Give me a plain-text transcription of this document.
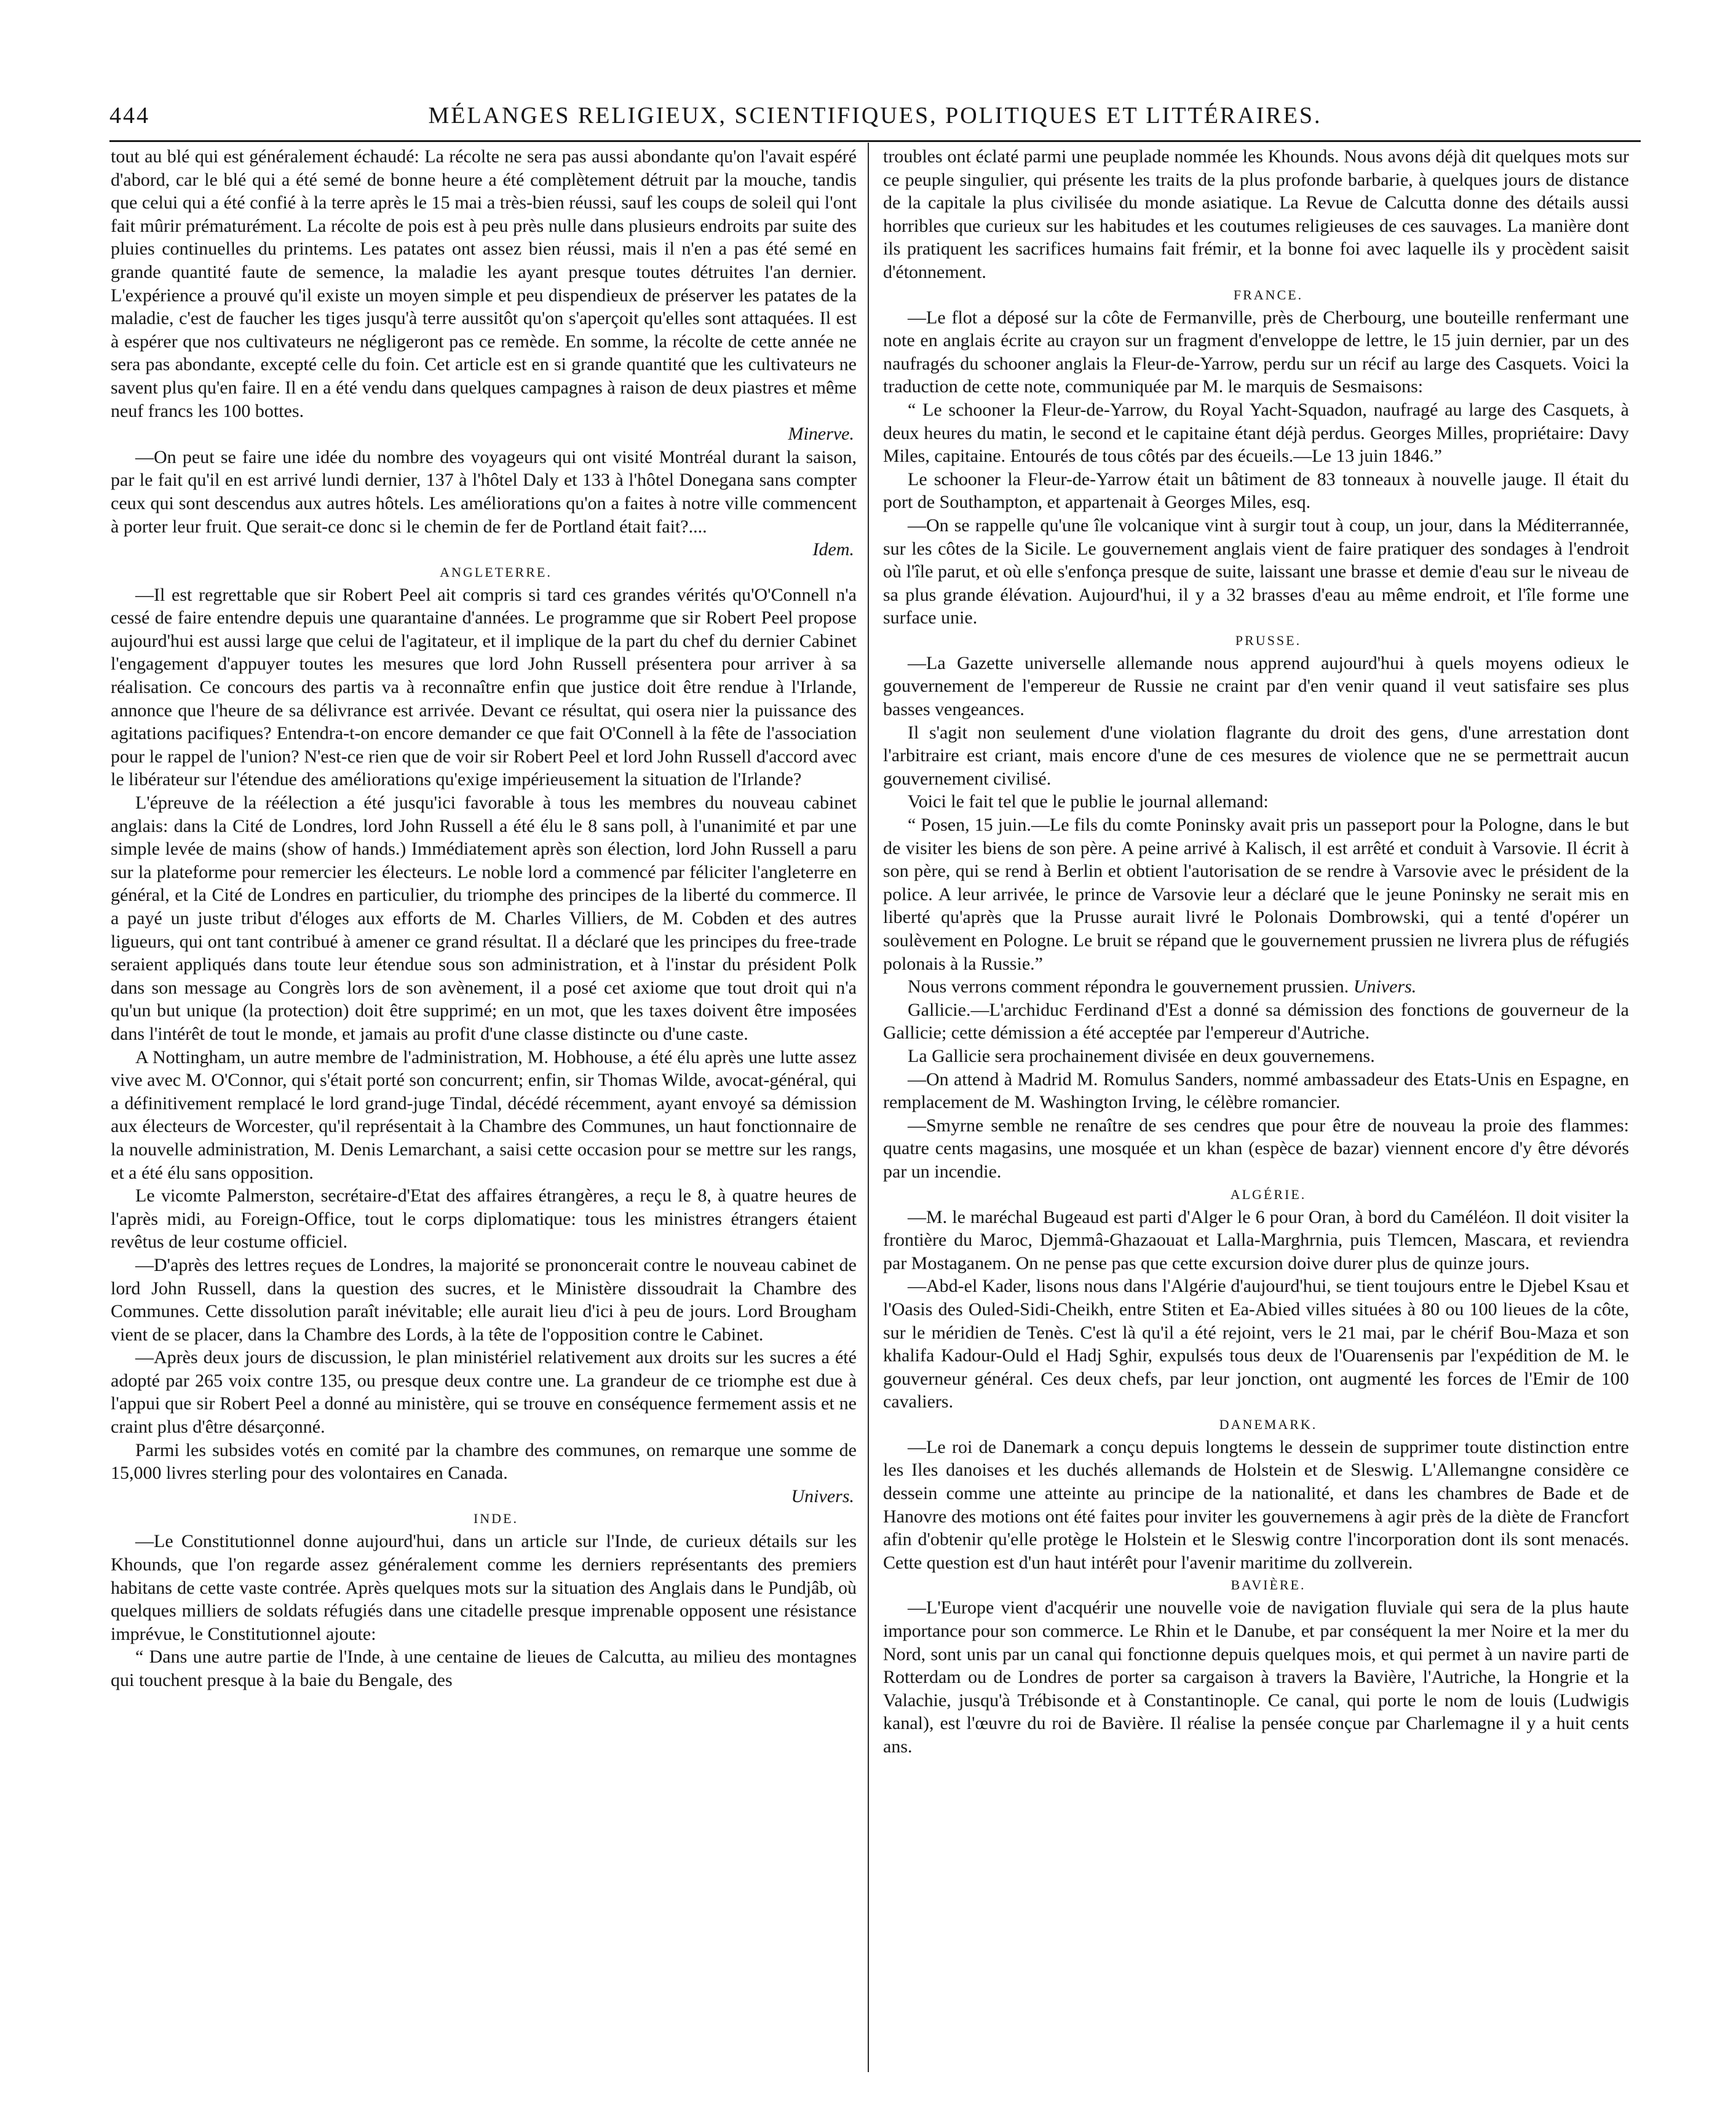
444	MÉLANGES RELIGIEUX, SCIENTIFIQUES, POLITIQUES ET LITTÉRAIRES.

tout au blé qui est généralement échaudé: La récolte ne sera pas aussi abondante qu'on l'avait espéré d'abord, car le blé qui a été semé de bonne heure a été complètement détruit par la mouche, tandis que celui qui a été confié à la terre après le 15 mai a très-bien réussi, sauf les coups de soleil qui l'ont fait mûrir prématurément. La récolte de pois est à peu près nulle dans plusieurs endroits par suite des pluies continuelles du printems. Les patates ont assez bien réussi, mais il n'en a pas été semé en grande quantité faute de semence, la maladie les ayant presque toutes détruites l'an dernier. L'expérience a prouvé qu'il existe un moyen simple et peu dispendieux de préserver les patates de la maladie, c'est de faucher les tiges jusqu'à terre aussitôt qu'on s'aperçoit qu'elles sont attaquées. Il est à espérer que nos cultivateurs ne négligeront pas ce remède. En somme, la récolte de cette année ne sera pas abondante, excepté celle du foin. Cet article est en si grande quantité que les cultivateurs ne savent plus qu'en faire. Il en a été vendu dans quelques campagnes à raison de deux piastres et même neuf francs les 100 bottes.

Minerve.

—On peut se faire une idée du nombre des voyageurs qui ont visité Montréal durant la saison, par le fait qu'il en est arrivé lundi dernier, 137 à l'hôtel Daly et 133 à l'hôtel Donegana sans compter ceux qui sont descendus aux autres hôtels. Les améliorations qu'on a faites à notre ville commencent à porter leur fruit. Que serait-ce donc si le chemin de fer de Portland était fait?....

Idem.

ANGLETERRE.

—Il est regrettable que sir Robert Peel ait compris si tard ces grandes vérités qu'O'Connell n'a cessé de faire entendre depuis une quarantaine d'années. Le programme que sir Robert Peel propose aujourd'hui est aussi large que celui de l'agitateur, et il implique de la part du chef du dernier Cabinet l'engagement d'appuyer toutes les mesures que lord John Russell présentera pour arriver à sa réalisation. Ce concours des partis va à reconnaître enfin que justice doit être rendue à l'Irlande, annonce que l'heure de sa délivrance est arrivée. Devant ce résultat, qui osera nier la puissance des agitations pacifiques? Entendra-t-on encore demander ce que fait O'Connell à la fête de l'association pour le rappel de l'union? N'est-ce rien que de voir sir Robert Peel et lord John Russell d'accord avec le libérateur sur l'étendue des améliorations qu'exige impérieusement la situation de l'Irlande?

L'épreuve de la réélection a été jusqu'ici favorable à tous les membres du nouveau cabinet anglais: dans la Cité de Londres, lord John Russell a été élu le 8 sans poll, à l'unanimité et par une simple levée de mains (show of hands.) Immédiatement après son élection, lord John Russell a paru sur la plateforme pour remercier les électeurs. Le noble lord a commencé par féliciter l'angleterre en général, et la Cité de Londres en particulier, du triomphe des principes de la liberté du commerce. Il a payé un juste tribut d'éloges aux efforts de M. Charles Villiers, de M. Cobden et des autres ligueurs, qui ont tant contribué à amener ce grand résultat. Il a déclaré que les principes du free-trade seraient appliqués dans toute leur étendue sous son administration, et à l'instar du président Polk dans son message au Congrès lors de son avènement, il a posé cet axiome que tout droit qui n'a qu'un but unique (la protection) doit être supprimé; en un mot, que les taxes doivent être imposées dans l'intérêt de tout le monde, et jamais au profit d'une classe distincte ou d'une caste.

A Nottingham, un autre membre de l'administration, M. Hobhouse, a été élu après une lutte assez vive avec M. O'Connor, qui s'était porté son concurrent; enfin, sir Thomas Wilde, avocat-général, qui a définitivement remplacé le lord grand-juge Tindal, décédé récemment, ayant envoyé sa démission aux électeurs de Worcester, qu'il représentait à la Chambre des Communes, un haut fonctionnaire de la nouvelle administration, M. Denis Lemarchant, a saisi cette occasion pour se mettre sur les rangs, et a été élu sans opposition.

Le vicomte Palmerston, secrétaire-d'Etat des affaires étrangères, a reçu le 8, à quatre heures de l'après midi, au Foreign-Office, tout le corps diplomatique: tous les ministres étrangers étaient revêtus de leur costume officiel.

—D'après des lettres reçues de Londres, la majorité se prononcerait contre le nouveau cabinet de lord John Russell, dans la question des sucres, et le Ministère dissoudrait la Chambre des Communes. Cette dissolution paraît inévitable; elle aurait lieu d'ici à peu de jours. Lord Brougham vient de se placer, dans la Chambre des Lords, à la tête de l'opposition contre le Cabinet.

—Après deux jours de discussion, le plan ministériel relativement aux droits sur les sucres a été adopté par 265 voix contre 135, ou presque deux contre une. La grandeur de ce triomphe est due à l'appui que sir Robert Peel a donné au ministère, qui se trouve en conséquence fermement assis et ne craint plus d'être désarçonné.

Parmi les subsides votés en comité par la chambre des communes, on remarque une somme de 15,000 livres sterling pour des volontaires en Canada.

Univers.

INDE.

—Le Constitutionnel donne aujourd'hui, dans un article sur l'Inde, de curieux détails sur les Khounds, que l'on regarde assez généralement comme les derniers représentants des premiers habitans de cette vaste contrée. Après quelques mots sur la situation des Anglais dans le Pundjâb, où quelques milliers de soldats réfugiés dans une citadelle presque imprenable opposent une résistance imprévue, le Constitutionnel ajoute:

“ Dans une autre partie de l'Inde, à une centaine de lieues de Calcutta, au milieu des montagnes qui touchent presque à la baie du Bengale, des

troubles ont éclaté parmi une peuplade nommée les Khounds. Nous avons déjà dit quelques mots sur ce peuple singulier, qui présente les traits de la plus profonde barbarie, à quelques jours de distance de la capitale la plus civilisée du monde asiatique. La Revue de Calcutta donne des détails aussi horribles que curieux sur les habitudes et les coutumes religieuses de ces sauvages. La manière dont ils pratiquent les sacrifices humains fait frémir, et la bonne foi avec laquelle ils y procèdent saisit d'étonnement.

FRANCE.

—Le flot a déposé sur la côte de Fermanville, près de Cherbourg, une bouteille renfermant une note en anglais écrite au crayon sur un fragment d'enveloppe de lettre, le 15 juin dernier, par un des naufragés du schooner anglais la Fleur-de-Yarrow, perdu sur un récif au large des Casquets. Voici la traduction de cette note, communiquée par M. le marquis de Sesmaisons:

“ Le schooner la Fleur-de-Yarrow, du Royal Yacht-Squadon, naufragé au large des Casquets, à deux heures du matin, le second et le capitaine étant déjà perdus. Georges Milles, propriétaire: Davy Miles, capitaine. Entourés de tous côtés par des écueils.—Le 13 juin 1846.”

Le schooner la Fleur-de-Yarrow était un bâtiment de 83 tonneaux à nouvelle jauge. Il était du port de Southampton, et appartenait à Georges Miles, esq.

—On se rappelle qu'une île volcanique vint à surgir tout à coup, un jour, dans la Méditerrannée, sur les côtes de la Sicile. Le gouvernement anglais vient de faire pratiquer des sondages à l'endroit où l'île parut, et où elle s'enfonça presque de suite, laissant une brasse et demie d'eau sur le niveau de sa plus grande élévation. Aujourd'hui, il y a 32 brasses d'eau au même endroit, et l'île forme une surface unie.

PRUSSE.

—La Gazette universelle allemande nous apprend aujourd'hui à quels moyens odieux le gouvernement de l'empereur de Russie ne craint par d'en venir quand il veut satisfaire ses plus basses vengeances.

Il s'agit non seulement d'une violation flagrante du droit des gens, d'une arrestation dont l'arbitraire est criant, mais encore d'une de ces mesures de violence que ne se permettrait aucun gouvernement civilisé.

Voici le fait tel que le publie le journal allemand:

“ Posen, 15 juin.—Le fils du comte Poninsky avait pris un passeport pour la Pologne, dans le but de visiter les biens de son père. A peine arrivé à Kalisch, il est arrêté et conduit à Varsovie. Il écrit à son père, qui se rend à Berlin et obtient l'autorisation de se rendre à Varsovie avec le président de la police. A leur arrivée, le prince de Varsovie leur a déclaré que le jeune Poninsky ne serait mis en liberté qu'après que la Prusse aurait livré le Polonais Dombrowski, qui a tenté d'opérer un soulèvement en Pologne. Le bruit se répand que le gouvernement prussien ne livrera plus de réfugiés polonais à la Russie.”

Nous verrons comment répondra le gouvernement prussien. Univers.

Gallicie.—L'archiduc Ferdinand d'Est a donné sa démission des fonctions de gouverneur de la Gallicie; cette démission a été acceptée par l'empereur d'Autriche.

La Gallicie sera prochainement divisée en deux gouvernemens.

—On attend à Madrid M. Romulus Sanders, nommé ambassadeur des Etats-Unis en Espagne, en remplacement de M. Washington Irving, le célèbre romancier.

—Smyrne semble ne renaître de ses cendres que pour être de nouveau la proie des flammes: quatre cents magasins, une mosquée et un khan (espèce de bazar) viennent encore d'y être dévorés par un incendie.

ALGÉRIE.

—M. le maréchal Bugeaud est parti d'Alger le 6 pour Oran, à bord du Caméléon. Il doit visiter la frontière du Maroc, Djemmâ-Ghazaouat et Lalla-Marghrnia, puis Tlemcen, Mascara, et reviendra par Mostaganem. On ne pense pas que cette excursion doive durer plus de quinze jours.

—Abd-el Kader, lisons nous dans l'Algérie d'aujourd'hui, se tient toujours entre le Djebel Ksau et l'Oasis des Ouled-Sidi-Cheikh, entre Stiten et Ea-Abied villes situées à 80 ou 100 lieues de la côte, sur le méridien de Tenès. C'est là qu'il a été rejoint, vers le 21 mai, par le chérif Bou-Maza et son khalifa Kadour-Ould el Hadj Sghir, expulsés tous deux de l'Ouarensenis par l'expédition de M. le gouverneur général. Ces deux chefs, par leur jonction, ont augmenté les forces de l'Emir de 100 cavaliers.

DANEMARK.

—Le roi de Danemark a conçu depuis longtems le dessein de supprimer toute distinction entre les Iles danoises et les duchés allemands de Holstein et de Sleswig. L'Allemangne considère ce dessein comme une atteinte au principe de la nationalité, et dans les chambres de Bade et de Hanovre des motions ont été faites pour inviter les gouvernemens à agir près de la diète de Francfort afin d'obtenir qu'elle protège le Holstein et le Sleswig contre l'incorporation dont ils sont menacés. Cette question est d'un haut intérêt pour l'avenir maritime du zollverein.

BAVIÈRE.

—L'Europe vient d'acquérir une nouvelle voie de navigation fluviale qui sera de la plus haute importance pour son commerce. Le Rhin et le Danube, et par conséquent la mer Noire et la mer du Nord, sont unis par un canal qui fonctionne depuis quelques mois, et qui permet à un navire parti de Rotterdam ou de Londres de porter sa cargaison à travers la Bavière, l'Autriche, la Hongrie et la Valachie, jusqu'à Trébisonde et à Constantinople. Ce canal, qui porte le nom de louis (Ludwigis kanal), est l'œuvre du roi de Bavière. Il réalise la pensée conçue par Charlemagne il y a huit cents ans.
